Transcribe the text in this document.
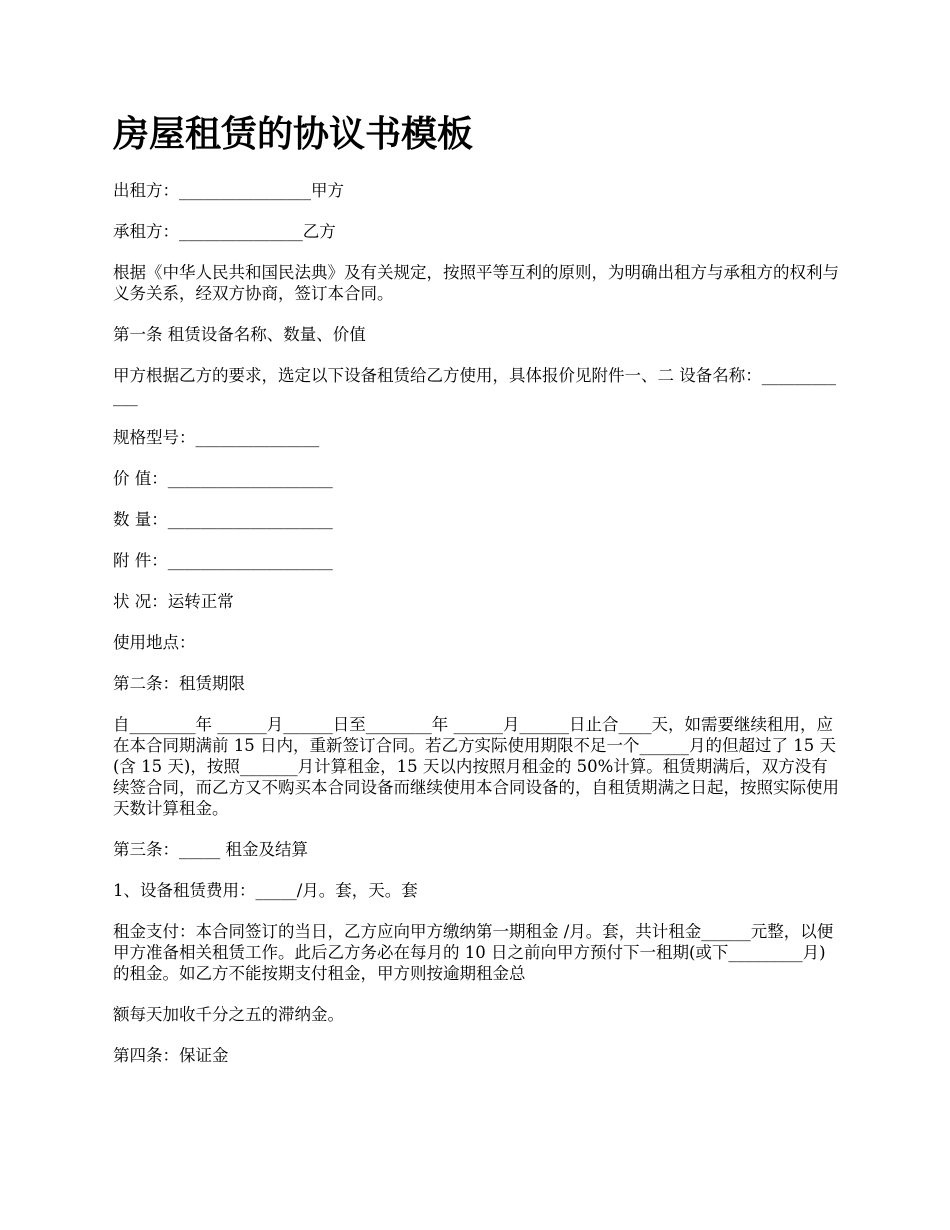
房屋租赁的协议书模板

出租方：________________甲方

承租方：_______________乙方

根据《中华人民共和国民法典》及有关规定，按照平等互利的原则，为明确出租方与承租方的权利与义务关系，经双方协商，签订本合同。

第一条 租赁设备名称、数量、价值

甲方根据乙方的要求，选定以下设备租赁给乙方使用，具体报价见附件一、二 设备名称：____________

规格型号：_______________

价 值：____________________

数 量：____________________

附 件：____________________

状 况：运转正常

使用地点：

第二条：租赁期限

自________年 ______月______日至________年 ______月______日止合____天，如需要继续租用，应在本合同期满前 15 日内，重新签订合同。若乙方实际使用期限不足一个______月的但超过了 15 天(含 15 天)，按照_______月计算租金，15 天以内按照月租金的 50%计算。租赁期满后，双方没有续签合同，而乙方又不购买本合同设备而继续使用本合同设备的，自租赁期满之日起，按照实际使用天数计算租金。

第三条：_____ 租金及结算

1、设备租赁费用：_____/月。套，天。套

租金支付：本合同签订的当日，乙方应向甲方缴纳第一期租金 /月。套，共计租金______元整，以便甲方准备相关租赁工作。此后乙方务必在每月的 10 日之前向甲方预付下一租期(或下_________月)的租金。如乙方不能按期支付租金，甲方则按逾期租金总

额每天加收千分之五的滞纳金。

第四条：保证金
